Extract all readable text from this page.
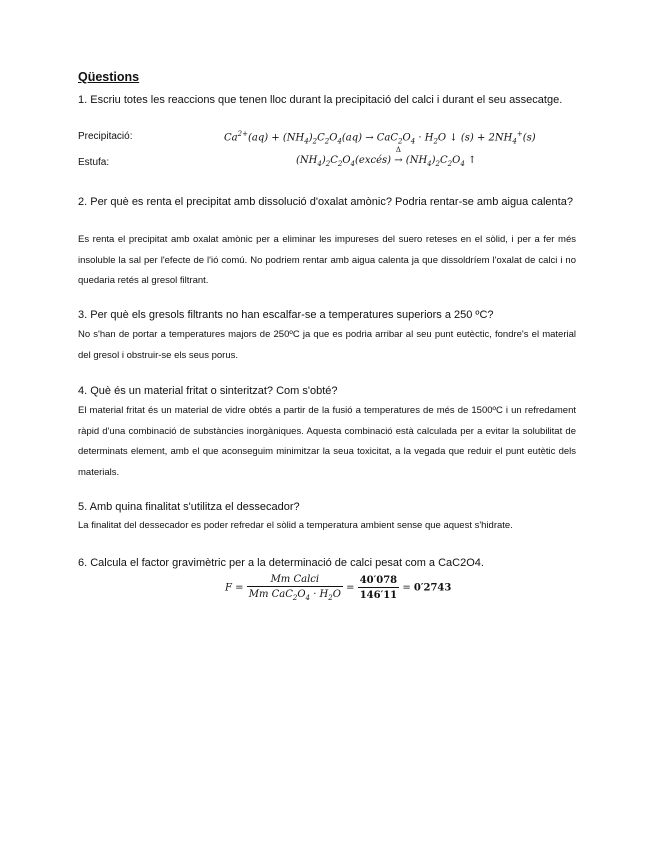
Qüestions
1. Escriu totes les reaccions que tenen lloc durant la precipitació del calci i durant el seu assecatge.
Precipitació:	$Ca^{2+}(aq) + (NH_4)_2C_2O_4(aq) \to CaC_2O_4 \cdot H_2O$ ↓ $(s) + 2NH_4^+(s)$
Estufa:	$(NH_4)_2C_2O_4(excés)$ →
Δ
$(NH_4)_2C_2O_4$ ↑
2. Per què es renta el precipitat amb dissolució d'oxalat amònic? Podria rentar-se amb aigua calenta?
Es renta el precipitat amb oxalat amònic per a eliminar les impureses del suero reteses en el sòlid, i per a fer més insoluble la sal per l'efecte de l'ió comú. No podriem rentar amb aigua calenta ja que dissoldríem l'oxalat de calci i no quedaria retés al gresol filtrant.
3. Per què els gresols filtrants no han escalfar-se a temperatures superiors a 250 ºC?
No s'han de portar a temperatures majors de 250ºC ja que es podria arribar al seu punt eutèctic, fondre's el material del gresol i obstruir-se els seus porus.
4. Què és un material fritat o sinteritzat? Com s'obté?
El material fritat és un material de vidre obtés a partir de la fusió a temperatures de més de 1500ºC i un refredament ràpid d'una combinació de substàncies inorgàniques. Aquesta combinació està calculada per a evitar la solubilitat de determinats element, amb el que aconseguim minimitzar la seua toxicitat, a la vegada que reduir el punt eutètic dels materials.
5. Amb quina finalitat s'utilitza el dessecador?
La finalitat del dessecador es poder refredar el sòlid a temperatura ambient sense que aquest s'hidrate.
6. Calcula el factor gravimètric per a la determinació de calci pesat com a CaC2O4.
$F = \frac{\text{Mm Calci}}{Mm CaC_2O_4 \cdot H_2O} = \frac{40'078}{146'11} = 0'2743$
